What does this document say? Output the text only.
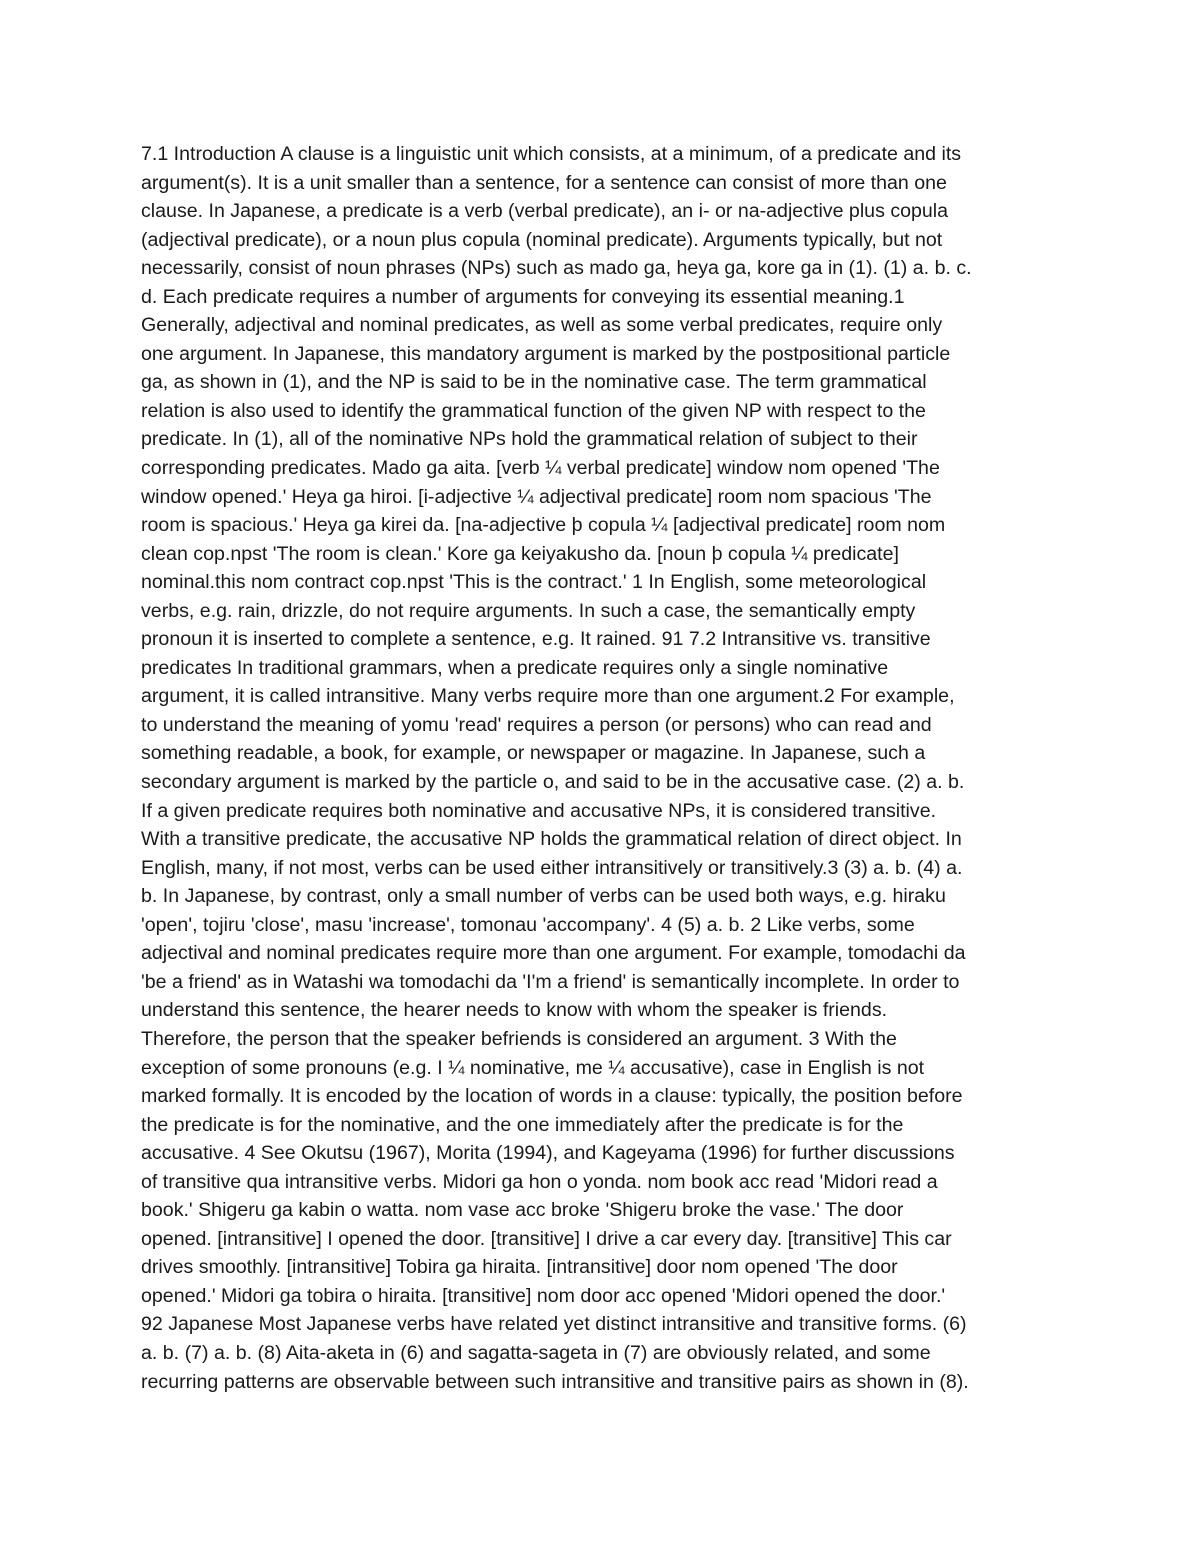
7.1 Introduction A clause is a linguistic unit which consists, at a minimum, of a predicate and its
argument(s). It is a unit smaller than a sentence, for a sentence can consist of more than one
clause. In Japanese, a predicate is a verb (verbal predicate), an i- or na-adjective plus copula
(adjectival predicate), or a noun plus copula (nominal predicate). Arguments typically, but not
necessarily, consist of noun phrases (NPs) such as mado ga, heya ga, kore ga in (1). (1) a. b. c.
d. Each predicate requires a number of arguments for conveying its essential meaning.1
Generally, adjectival and nominal predicates, as well as some verbal predicates, require only
one argument. In Japanese, this mandatory argument is marked by the postpositional particle
ga, as shown in (1), and the NP is said to be in the nominative case. The term grammatical
relation is also used to identify the grammatical function of the given NP with respect to the
predicate. In (1), all of the nominative NPs hold the grammatical relation of subject to their
corresponding predicates. Mado ga aita. [verb ¼ verbal predicate] window nom opened 'The
window opened.' Heya ga hiroi. [i-adjective ¼ adjectival predicate] room nom spacious 'The
room is spacious.' Heya ga kirei da. [na-adjective þ copula ¼ [adjectival predicate] room nom
clean cop.npst 'The room is clean.' Kore ga keiyakusho da. [noun þ copula ¼ predicate]
nominal.this nom contract cop.npst 'This is the contract.' 1 In English, some meteorological
verbs, e.g. rain, drizzle, do not require arguments. In such a case, the semantically empty
pronoun it is inserted to complete a sentence, e.g. It rained. 91 7.2 Intransitive vs. transitive
predicates In traditional grammars, when a predicate requires only a single nominative
argument, it is called intransitive. Many verbs require more than one argument.2 For example,
to understand the meaning of yomu 'read' requires a person (or persons) who can read and
something readable, a book, for example, or newspaper or magazine. In Japanese, such a
secondary argument is marked by the particle o, and said to be in the accusative case. (2) a. b.
If a given predicate requires both nominative and accusative NPs, it is considered transitive.
With a transitive predicate, the accusative NP holds the grammatical relation of direct object. In
English, many, if not most, verbs can be used either intransitively or transitively.3 (3) a. b. (4) a.
b. In Japanese, by contrast, only a small number of verbs can be used both ways, e.g. hiraku
'open', tojiru 'close', masu 'increase', tomonau 'accompany'. 4 (5) a. b. 2 Like verbs, some
adjectival and nominal predicates require more than one argument. For example, tomodachi da
'be a friend' as in Watashi wa tomodachi da 'I'm a friend' is semantically incomplete. In order to
understand this sentence, the hearer needs to know with whom the speaker is friends.
Therefore, the person that the speaker befriends is considered an argument. 3 With the
exception of some pronouns (e.g. I ¼ nominative, me ¼ accusative), case in English is not
marked formally. It is encoded by the location of words in a clause: typically, the position before
the predicate is for the nominative, and the one immediately after the predicate is for the
accusative. 4 See Okutsu (1967), Morita (1994), and Kageyama (1996) for further discussions
of transitive qua intransitive verbs. Midori ga hon o yonda. nom book acc read 'Midori read a
book.' Shigeru ga kabin o watta. nom vase acc broke 'Shigeru broke the vase.' The door
opened. [intransitive] I opened the door. [transitive] I drive a car every day. [transitive] This car
drives smoothly. [intransitive] Tobira ga hiraita. [intransitive] door nom opened 'The door
opened.' Midori ga tobira o hiraita. [transitive] nom door acc opened 'Midori opened the door.'
92 Japanese Most Japanese verbs have related yet distinct intransitive and transitive forms. (6)
a. b. (7) a. b. (8) Aita-aketa in (6) and sagatta-sageta in (7) are obviously related, and some
recurring patterns are observable between such intransitive and transitive pairs as shown in (8).
